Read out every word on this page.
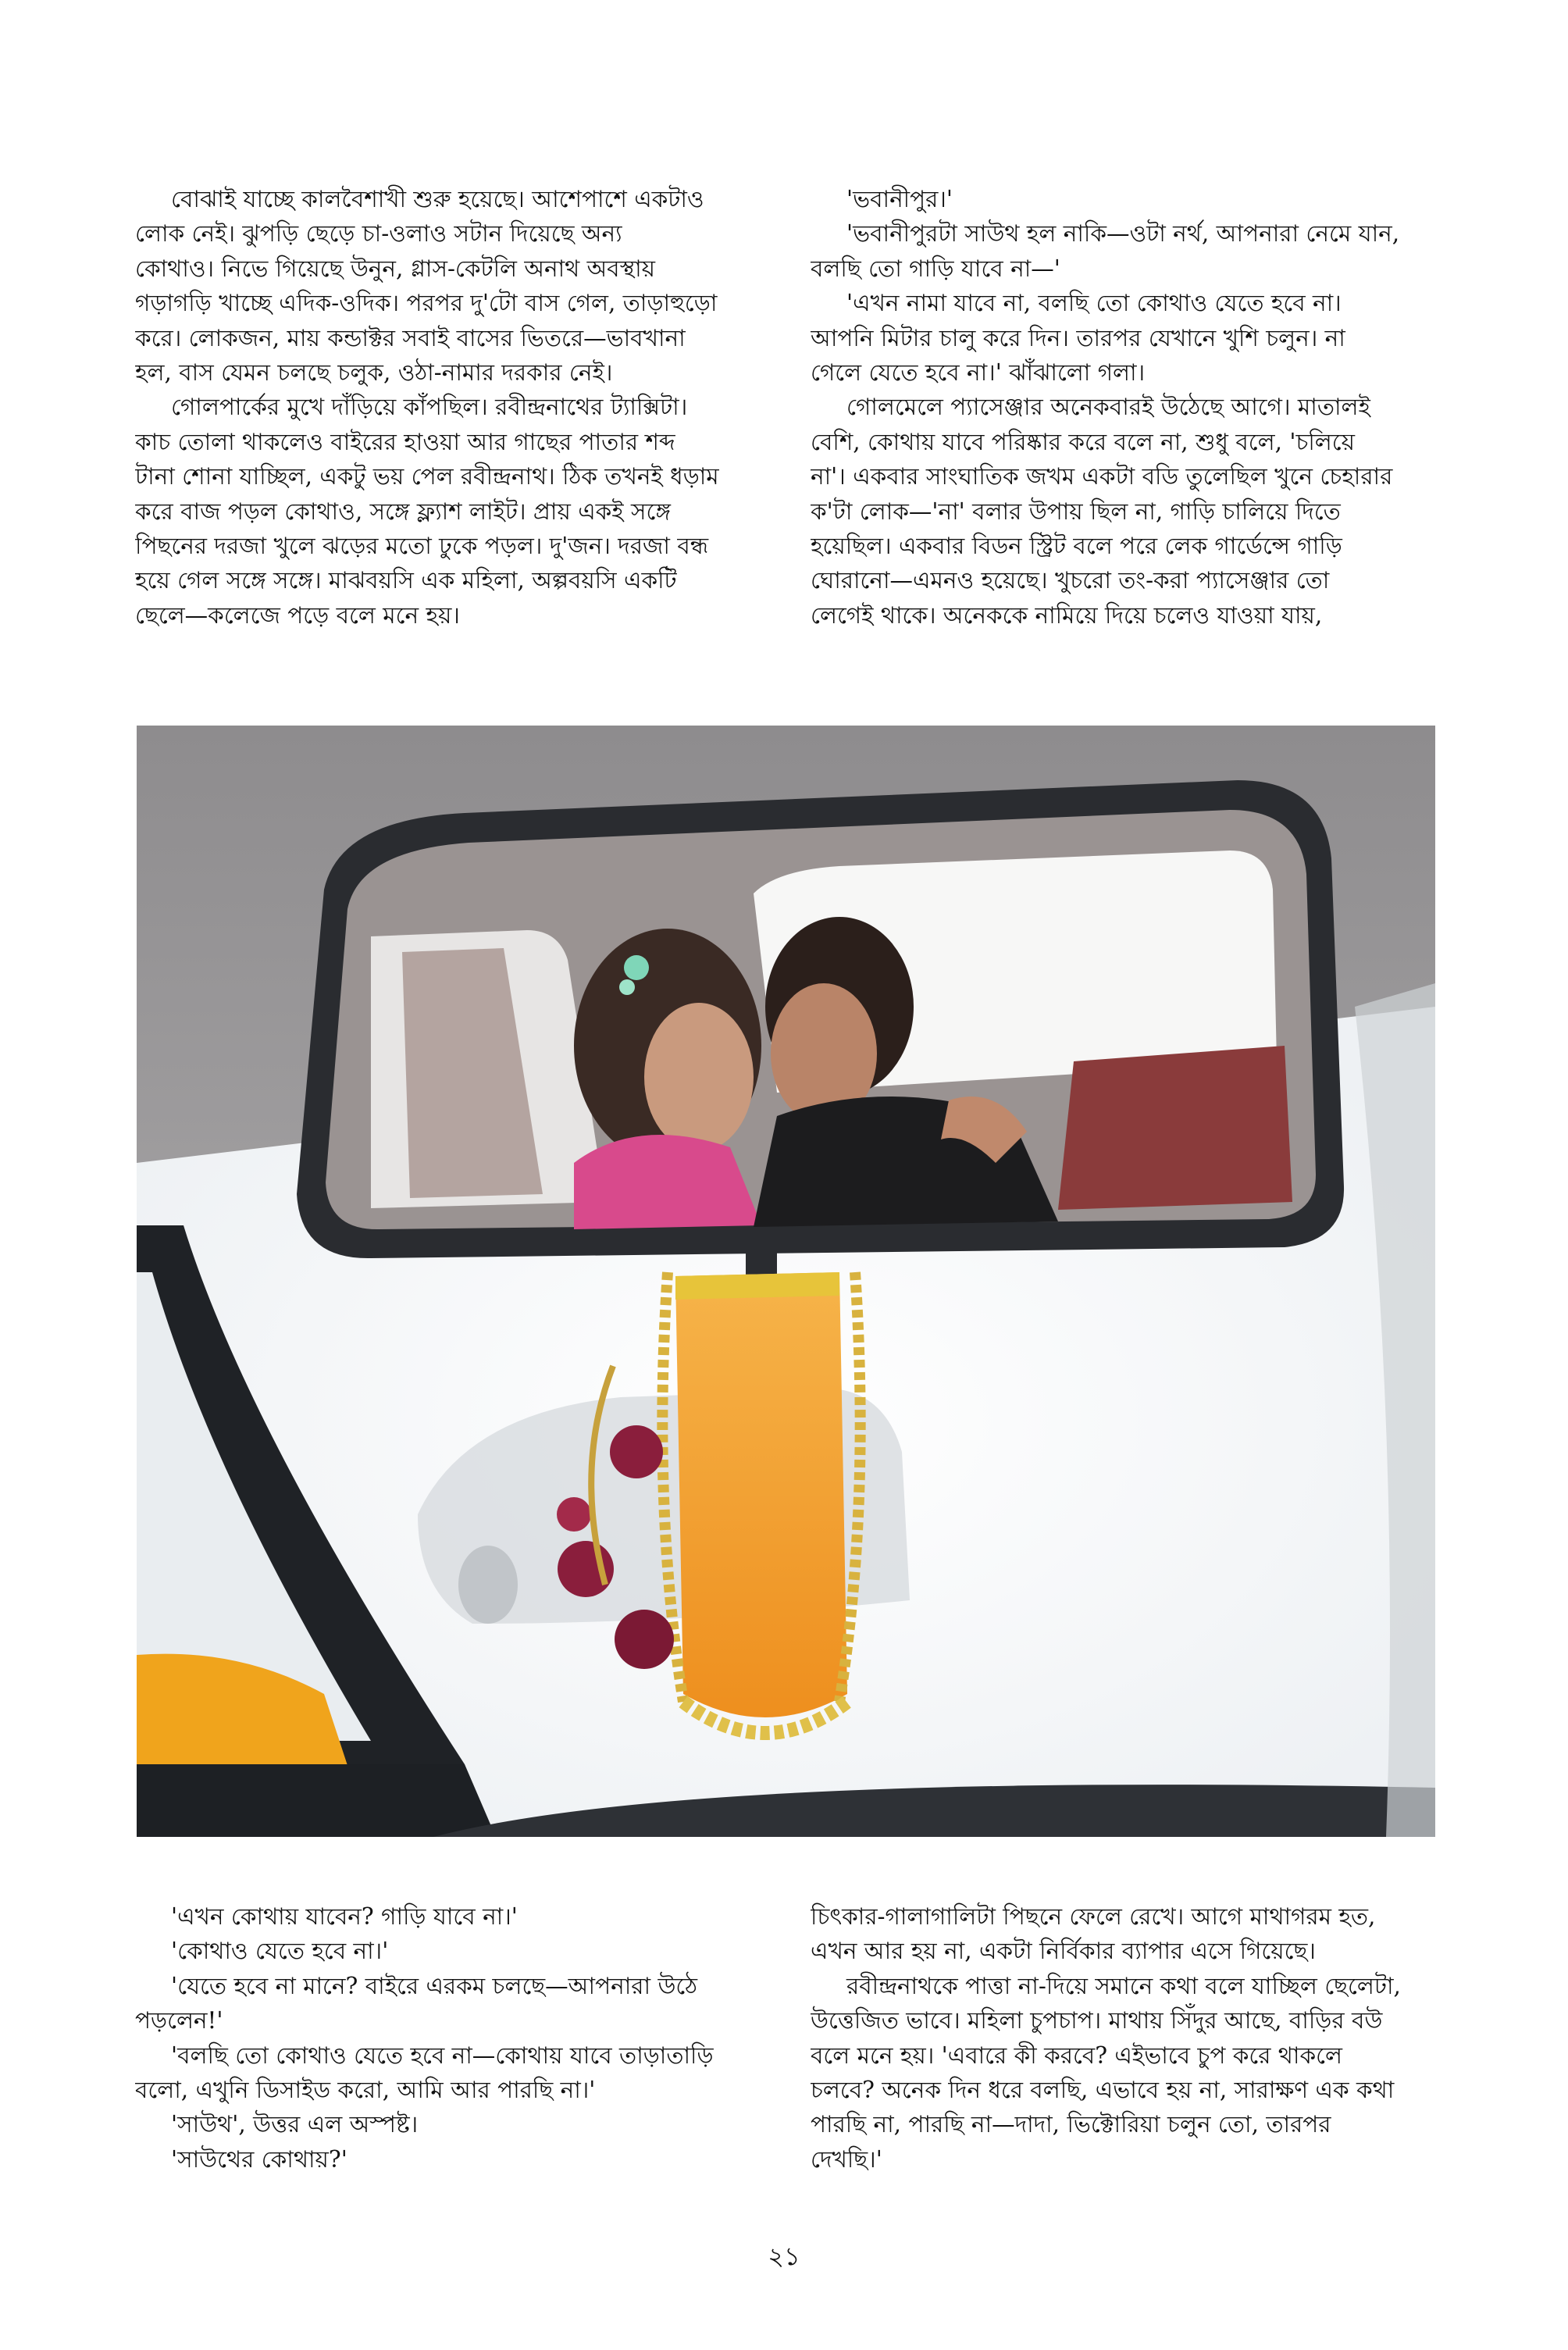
বোঝাই যাচ্ছে কালবৈশাখী শুরু হয়েছে। আশেপাশে একটাও

লোক নেই। ঝুপড়ি ছেড়ে চা-ওলাও সটান দিয়েছে অন্য

কোথাও। নিভে গিয়েছে উনুন, গ্লাস-কেটলি অনাথ অবস্থায়

গড়াগড়ি খাচ্ছে এদিক-ওদিক। পরপর দু'টো বাস গেল, তাড়াহুড়ো

করে। লোকজন, মায় কন্ডাক্টর সবাই বাসের ভিতরে—ভাবখানা

হল, বাস যেমন চলছে চলুক, ওঠা-নামার দরকার নেই।

গোলপার্কের মুখে দাঁড়িয়ে কাঁপছিল। রবীন্দ্রনাথের ট্যাক্সিটা।

কাচ তোলা থাকলেও বাইরের হাওয়া আর গাছের পাতার শব্দ

টানা শোনা যাচ্ছিল, একটু ভয় পেল রবীন্দ্রনাথ। ঠিক তখনই ধড়াম

করে বাজ পড়ল কোথাও, সঙ্গে ফ্ল্যাশ লাইট। প্রায় একই সঙ্গে

পিছনের দরজা খুলে ঝড়ের মতো ঢুকে পড়ল। দু'জন। দরজা বন্ধ

হয়ে গেল সঙ্গে সঙ্গে। মাঝবয়সি এক মহিলা, অল্পবয়সি একটি

ছেলে—কলেজে পড়ে বলে মনে হয়।

'ভবানীপুর।'

'ভবানীপুরটা সাউথ হল নাকি—ওটা নর্থ, আপনারা নেমে যান,

বলছি তো গাড়ি যাবে না—'

'এখন নামা যাবে না, বলছি তো কোথাও যেতে হবে না।

আপনি মিটার চালু করে দিন। তারপর যেখানে খুশি চলুন। না

গেলে যেতে হবে না।' ঝাঁঝালো গলা।

গোলমেলে প্যাসেঞ্জার অনেকবারই উঠেছে আগে। মাতালই

বেশি, কোথায় যাবে পরিষ্কার করে বলে না, শুধু বলে, 'চলিয়ে

না'। একবার সাংঘাতিক জখম একটা বডি তুলেছিল খুনে চেহারার

ক'টা লোক—'না' বলার উপায় ছিল না, গাড়ি চালিয়ে দিতে

হয়েছিল। একবার বিডন স্ট্রিট বলে পরে লেক গার্ডেন্সে গাড়ি

ঘোরানো—এমনও হয়েছে। খুচরো তং-করা প্যাসেঞ্জার তো

লেগেই থাকে। অনেককে নামিয়ে দিয়ে চলেও যাওয়া যায়,

'এখন কোথায় যাবেন? গাড়ি যাবে না।'

'কোথাও যেতে হবে না।'

'যেতে হবে না মানে? বাইরে এরকম চলছে—আপনারা উঠে

পড়লেন!'

'বলছি তো কোথাও যেতে হবে না—কোথায় যাবে তাড়াতাড়ি

বলো, এখুনি ডিসাইড করো, আমি আর পারছি না।'

'সাউথ', উত্তর এল অস্পষ্ট।

'সাউথের কোথায়?'

চিৎকার-গালাগালিটা পিছনে ফেলে রেখে। আগে মাথাগরম হত,

এখন আর হয় না, একটা নির্বিকার ব্যাপার এসে গিয়েছে।

রবীন্দ্রনাথকে পাত্তা না-দিয়ে সমানে কথা বলে যাচ্ছিল ছেলেটা,

উত্তেজিত ভাবে। মহিলা চুপচাপ। মাথায় সিঁদুর আছে, বাড়ির বউ

বলে মনে হয়। 'এবারে কী করবে? এইভাবে চুপ করে থাকলে

চলবে? অনেক দিন ধরে বলছি, এভাবে হয় না, সারাক্ষণ এক কথা

পারছি না, পারছি না—দাদা, ভিক্টোরিয়া চলুন তো, তারপর

দেখছি।'

২১
